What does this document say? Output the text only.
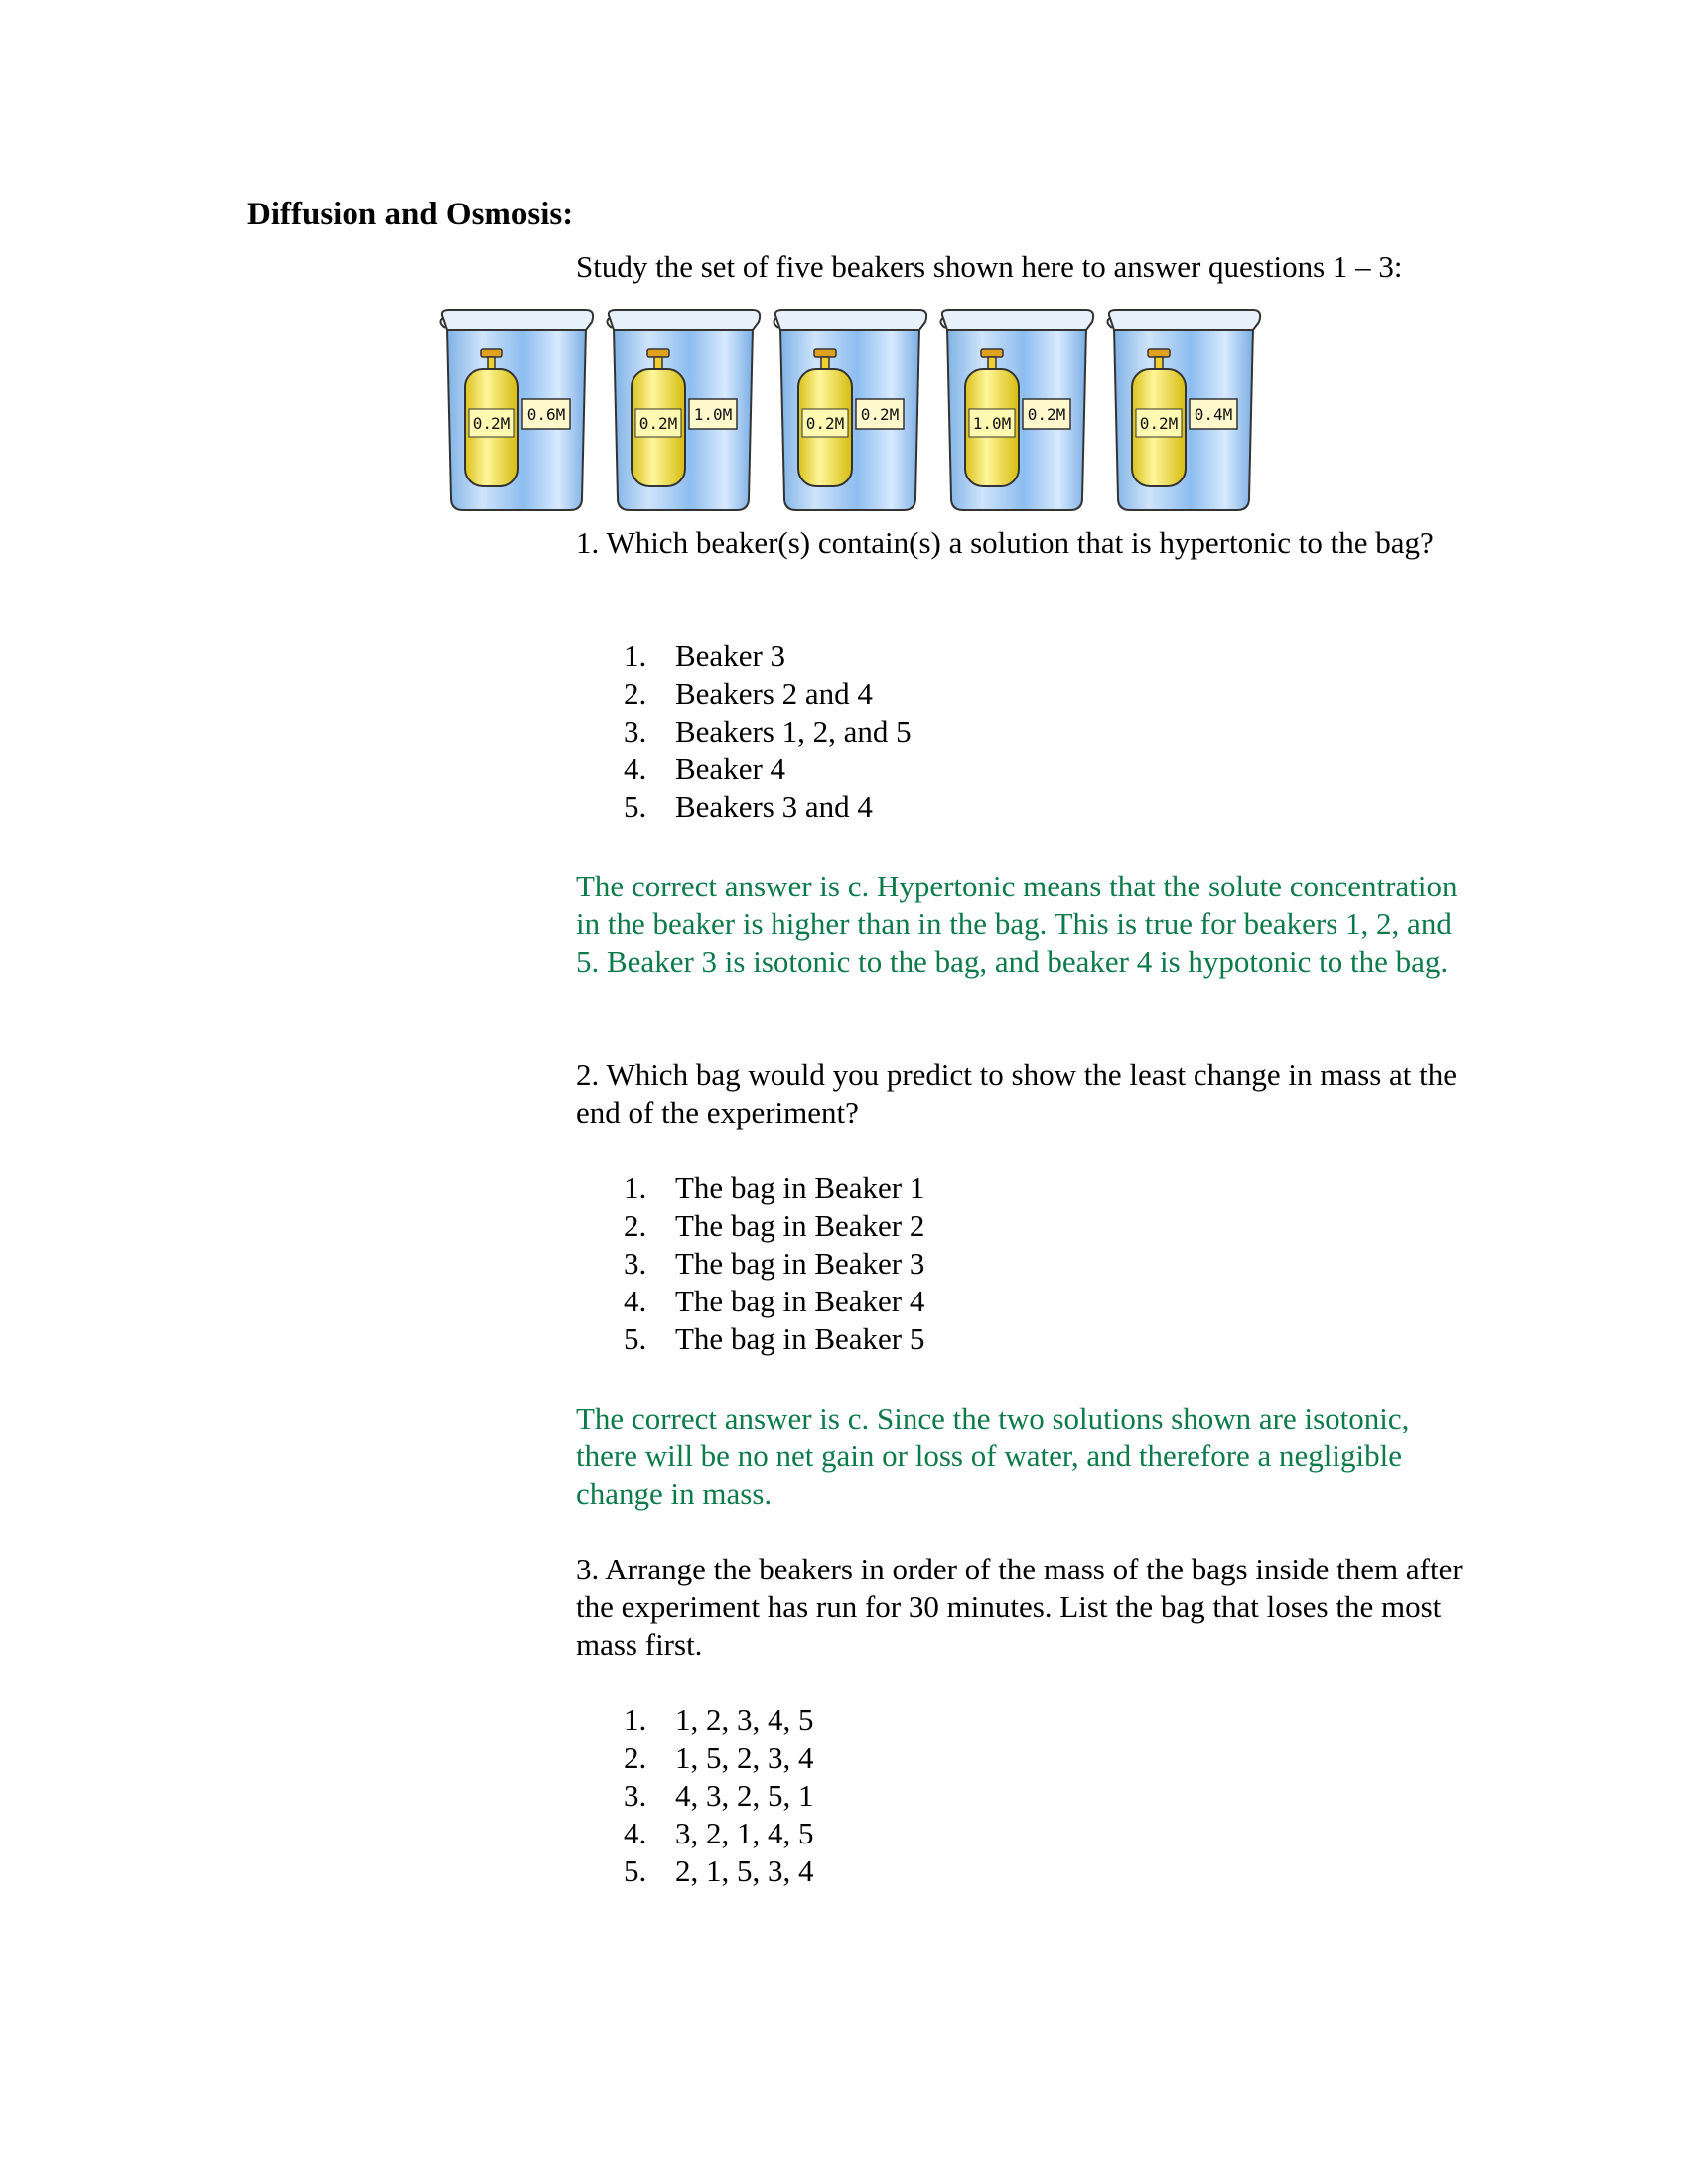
Diffusion and Osmosis:
Study the set of five beakers shown here to answer questions 1 – 3:
0.2M 0.6M	0.2M 1.0M	0.2M 0.2M	1.0M 0.2M	0.2M 0.4M
1. Which beaker(s) contain(s) a solution that is hypertonic to the bag?
1. Beaker 3
2. Beakers 2 and 4
3. Beakers 1, 2, and 5
4. Beaker 4
5. Beakers 3 and 4
The correct answer is c. Hypertonic means that the solute concentration in the beaker is higher than in the bag. This is true for beakers 1, 2, and 5. Beaker 3 is isotonic to the bag, and beaker 4 is hypotonic to the bag.
2. Which bag would you predict to show the least change in mass at the end of the experiment?
1. The bag in Beaker 1
2. The bag in Beaker 2
3. The bag in Beaker 3
4. The bag in Beaker 4
5. The bag in Beaker 5
The correct answer is c. Since the two solutions shown are isotonic, there will be no net gain or loss of water, and therefore a negligible change in mass.
3. Arrange the beakers in order of the mass of the bags inside them after the experiment has run for 30 minutes. List the bag that loses the most mass first.
1. 1, 2, 3, 4, 5
2. 1, 5, 2, 3, 4
3. 4, 3, 2, 5, 1
4. 3, 2, 1, 4, 5
5. 2, 1, 5, 3, 4
